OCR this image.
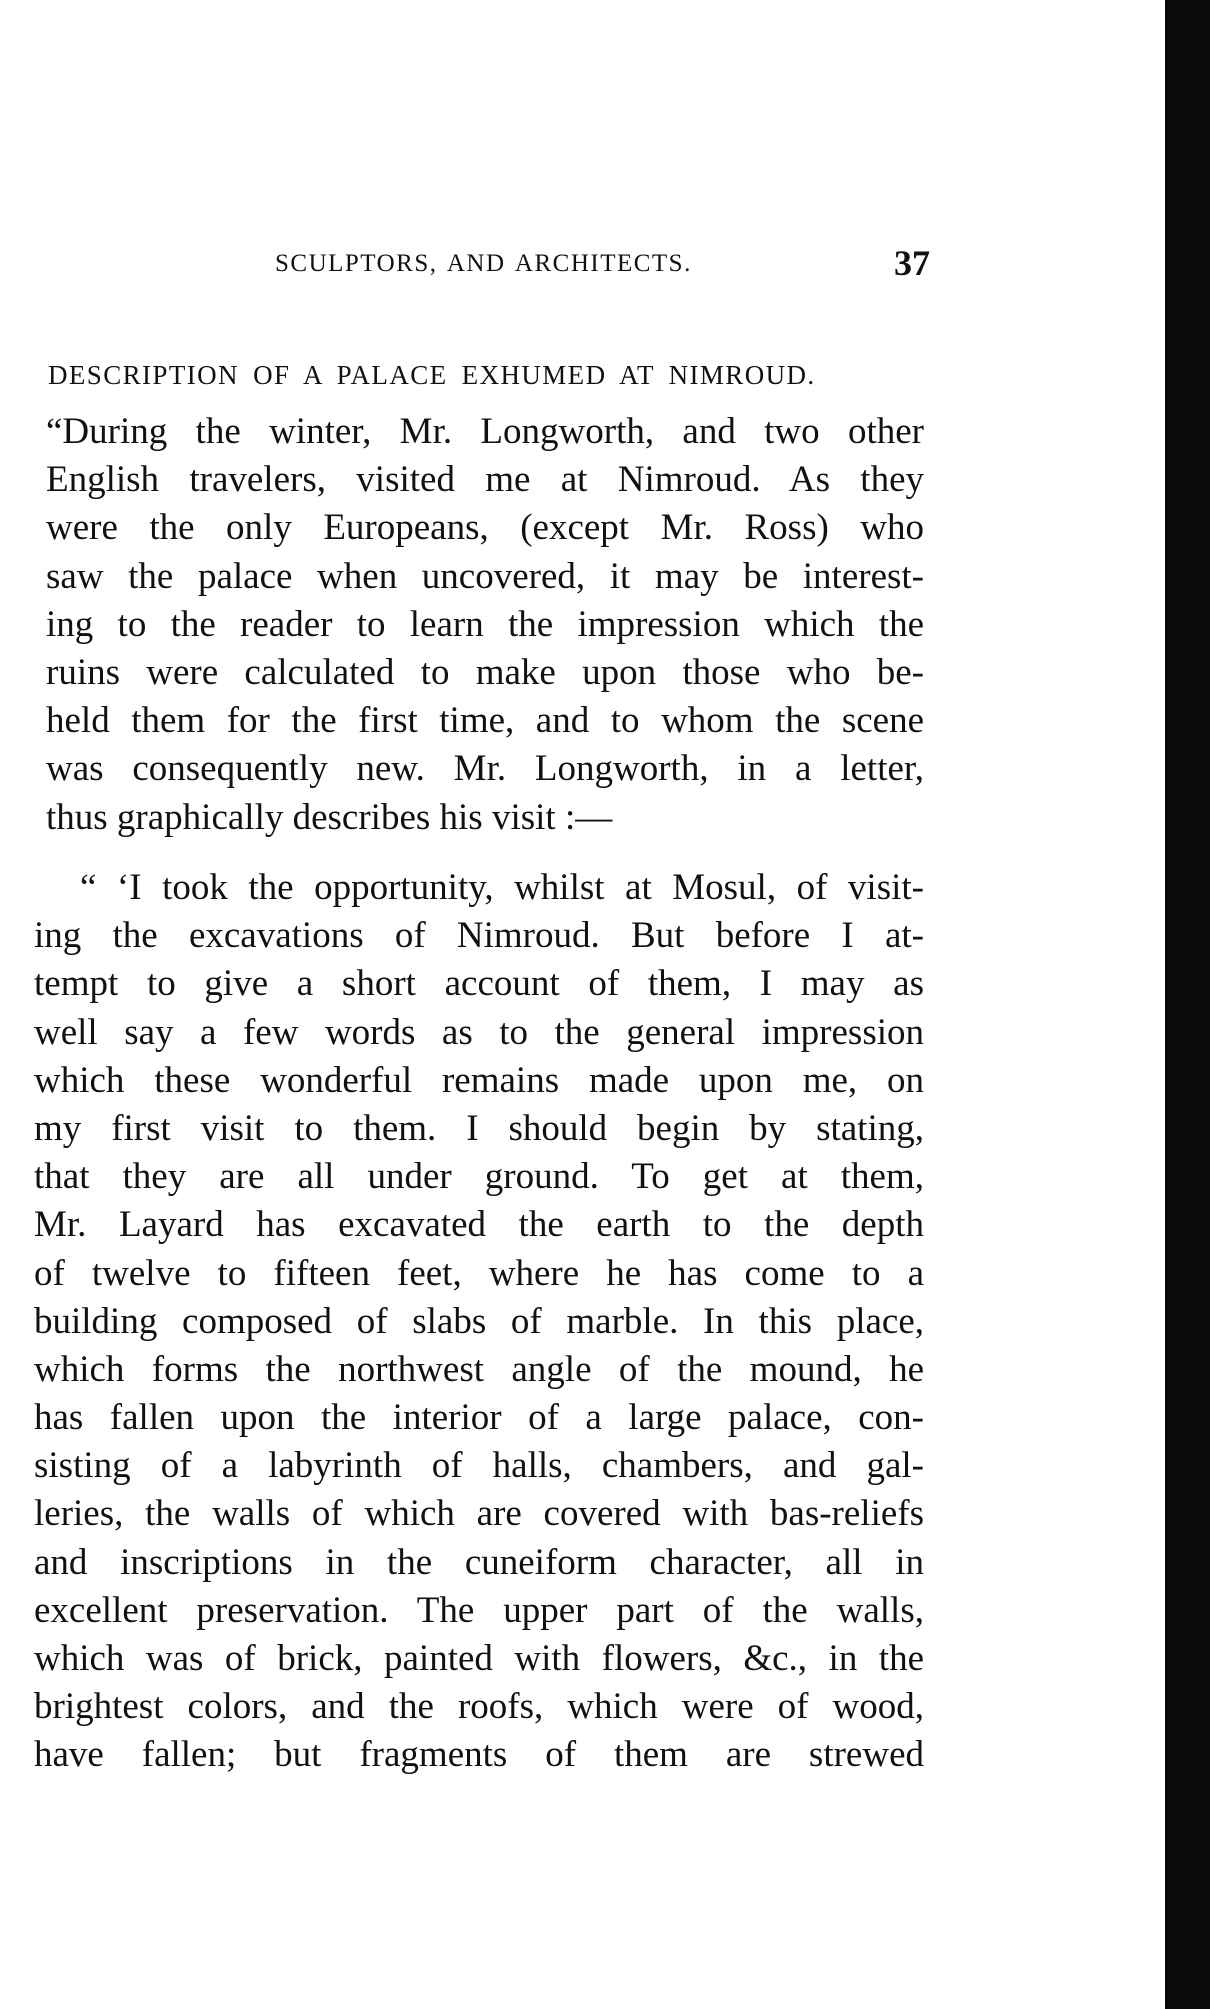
SCULPTORS, AND ARCHITECTS.	37
DESCRIPTION OF A PALACE EXHUMED AT NIMROUD.
“During the winter, Mr. Longworth, and two other
English travelers, visited me at Nimroud. As they
were the only Europeans, (except Mr. Ross) who
saw the palace when uncovered, it may be interest-
ing to the reader to learn the impression which the
ruins were calculated to make upon those who be-
held them for the first time, and to whom the scene
was consequently new. Mr. Longworth, in a letter,
thus graphically describes his visit :—
“ ‘I took the opportunity, whilst at Mosul, of visit-
ing the excavations of Nimroud. But before I at-
tempt to give a short account of them, I may as
well say a few words as to the general impression
which these wonderful remains made upon me, on
my first visit to them. I should begin by stating,
that they are all under ground. To get at them,
Mr. Layard has excavated the earth to the depth
of twelve to fifteen feet, where he has come to a
building composed of slabs of marble. In this place,
which forms the northwest angle of the mound, he
has fallen upon the interior of a large palace, con-
sisting of a labyrinth of halls, chambers, and gal-
leries, the walls of which are covered with bas-reliefs
and inscriptions in the cuneiform character, all in
excellent preservation. The upper part of the walls,
which was of brick, painted with flowers, &c., in the
brightest colors, and the roofs, which were of wood,
have fallen; but fragments of them are strewed
